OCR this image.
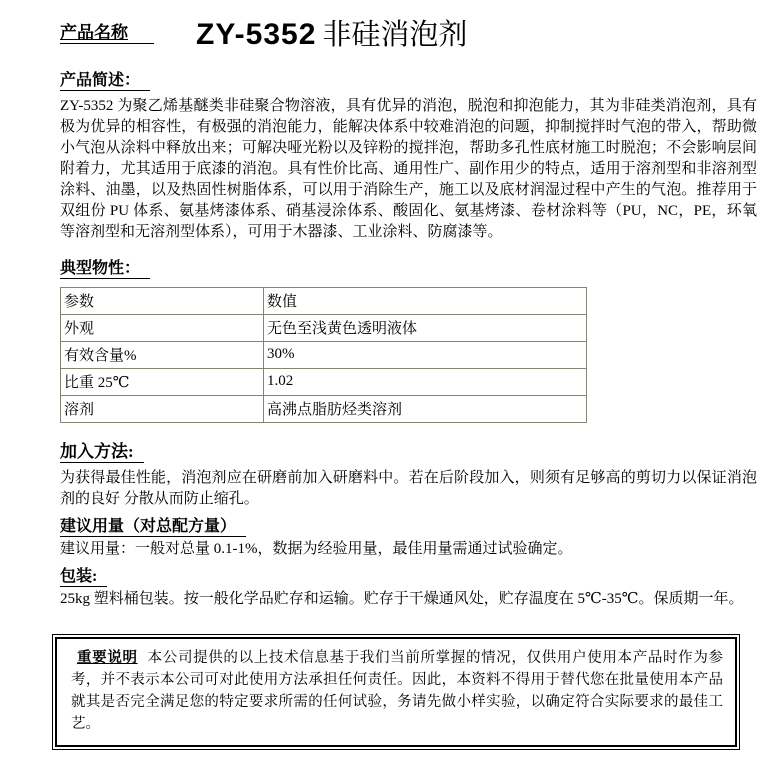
产品名称 ZY-5352 非硅消泡剂
产品简述：

ZY-5352 为聚乙烯基醚类非硅聚合物溶液，具有优异的消泡，脱泡和抑泡能力，其为非硅类消泡剂，具有极为优异的相容性，有极强的消泡能力，能解决体系中较难消泡的问题，抑制搅拌时气泡的带入，帮助微小气泡从涂料中释放出来；可解决哑光粉以及锌粉的搅拌泡，帮助多孔性底材施工时脱泡；不会影响层间附着力，尤其适用于底漆的消泡。具有性价比高、通用性广、副作用少的特点，适用于溶剂型和非溶剂型涂料、油墨，以及热固性树脂体系，可以用于消除生产，施工以及底材润湿过程中产生的气泡。推荐用于双组份 PU 体系、氨基烤漆体系、硝基浸涂体系、酸固化、氨基烤漆、卷材涂料等（PU，NC，PE，环氧等溶剂型和无溶剂型体系），可用于木器漆、工业涂料、防腐漆等。

典型物性：
参数	数值
外观	无色至浅黄色透明液体
有效含量%	30%
比重 25℃	1.02
溶剂	高沸点脂肪烃类溶剂
加入方法:

为获得最佳性能，消泡剂应在研磨前加入研磨料中。若在后阶段加入，则须有足够高的剪切力以保证消泡剂的良好 分散从而防止缩孔。

建议用量（对总配方量）

建议用量：一般对总量 0.1-1%，数据为经验用量，最佳用量需通过试验确定。

包装:

25kg 塑料桶包装。按一般化学品贮存和运输。贮存于干燥通风处，贮存温度在 5℃-35℃。保质期一年。

重要说明 本公司提供的以上技术信息基于我们当前所掌握的情况，仅供用户使用本产品时作为参考，并不表示本公司可对此使用方法承担任何责任。因此，本资料不得用于替代您在批量使用本产品就其是否完全满足您的特定要求所需的任何试验，务请先做小样实验，以确定符合实际要求的最佳工艺。
